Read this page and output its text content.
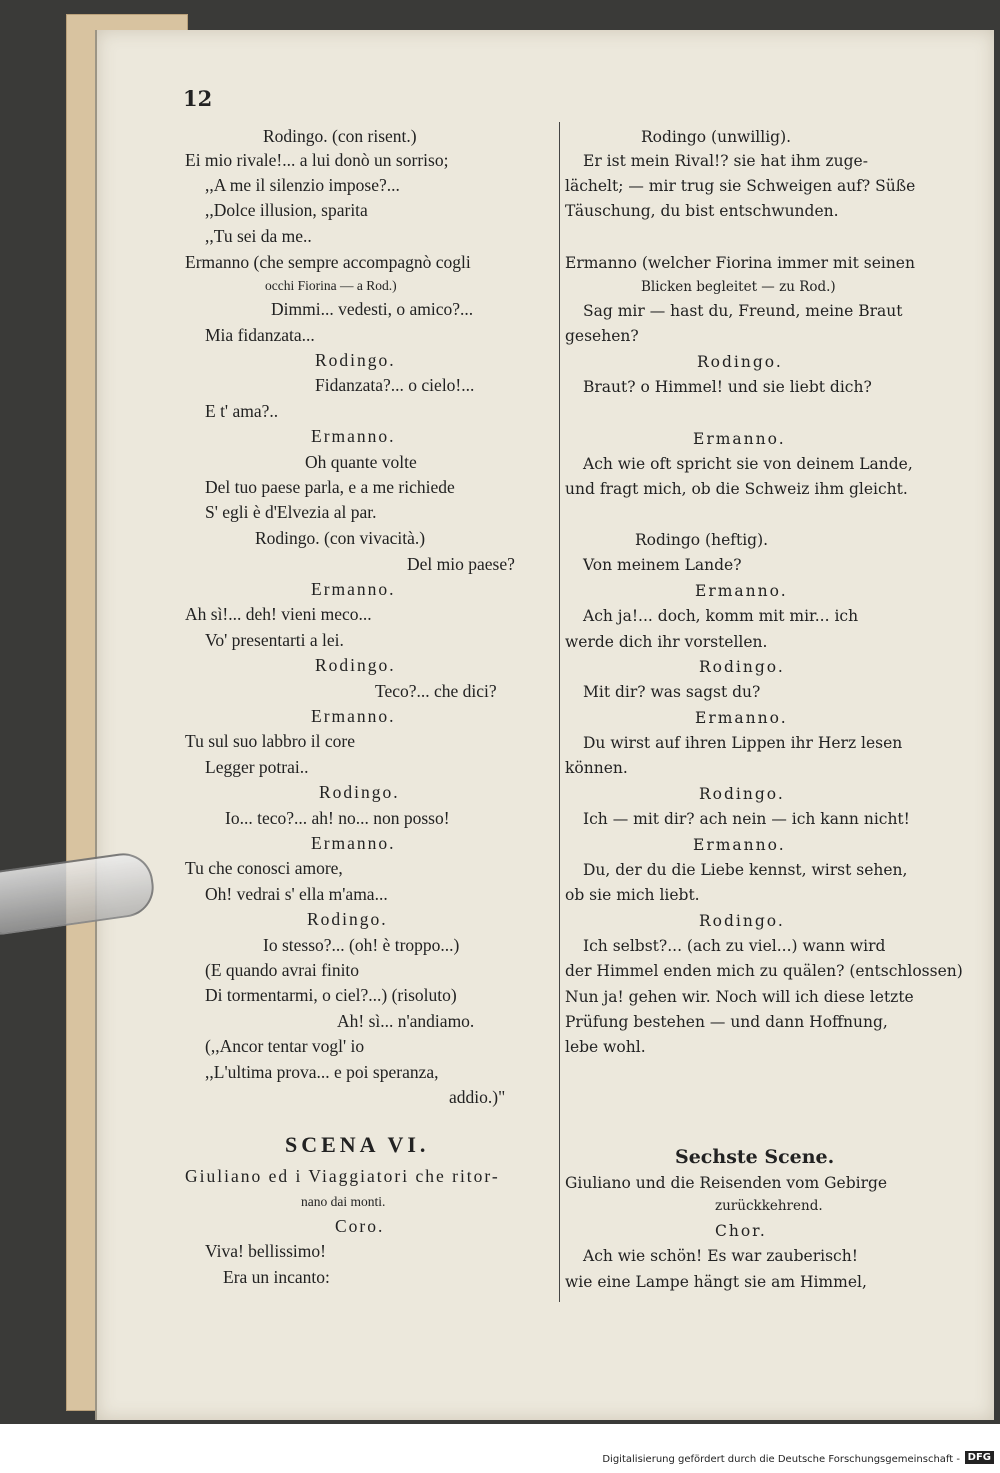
12
Rodingo. (con risent.)
Ei mio rivale!... a lui donò un sorriso;
,,A me il silenzio impose?...
,,Dolce illusion, sparita
,,Tu sei da me..
Ermanno (che sempre accompagnò cogli
occhi Fiorina — a Rod.)
Dimmi... vedesti, o amico?...
Mia fidanzata...
Rodingo.
Fidanzata?... o cielo!...
E t' ama?..
Ermanno.
Oh quante volte
Del tuo paese parla, e a me richiede
S' egli è d'Elvezia al par.
Rodingo. (con vivacità.)
Del mio paese?
Ermanno.
Ah sì!... deh! vieni meco...
Vo' presentarti a lei.
Rodingo.
Teco?... che dici?
Ermanno.
Tu sul suo labbro il core
Legger potrai..
Rodingo.
Io... teco?... ah! no... non posso!
Ermanno.
Tu che conosci amore,
Oh! vedrai s' ella m'ama...
Rodingo.
Io stesso?... (oh! è troppo...)
(E quando avrai finito
Di tormentarmi, o ciel?...) (risoluto)
Ah! sì... n'andiamo.
(,,Ancor tentar vogl' io
,,L'ultima prova... e poi speranza,
addio.)"
SCENA VI.
Giuliano ed i Viaggiatori che ritor-
nano dai monti.
Coro.
Viva! bellissimo!
Era un incanto:
Rodingo (unwillig).
Er ist mein Rival!? sie hat ihm zuge-
lächelt; — mir trug sie Schweigen auf? Süße
Täuschung, du bist entschwunden.
Ermanno (welcher Fiorina immer mit seinen
Blicken begleitet — zu Rod.)
Sag mir — hast du, Freund, meine Braut
gesehen?
Rodingo.
Braut? o Himmel! und sie liebt dich?
Ermanno.
Ach wie oft spricht sie von deinem Lande,
und fragt mich, ob die Schweiz ihm gleicht.
Rodingo (heftig).
Von meinem Lande?
Ermanno.
Ach ja!... doch, komm mit mir... ich
werde dich ihr vorstellen.
Rodingo.
Mit dir? was sagst du?
Ermanno.
Du wirst auf ihren Lippen ihr Herz lesen
können.
Rodingo.
Ich — mit dir? ach nein — ich kann nicht!
Ermanno.
Du, der du die Liebe kennst, wirst sehen,
ob sie mich liebt.
Rodingo.
Ich selbst?... (ach zu viel...) wann wird
der Himmel enden mich zu quälen? (entschlossen)
Nun ja! gehen wir. Noch will ich diese letzte
Prüfung bestehen — und dann Hoffnung,
lebe wohl.
Sechste Scene.
Giuliano und die Reisenden vom Gebirge
zurückkehrend.
Chor.
Ach wie schön! Es war zauberisch!
wie eine Lampe hängt sie am Himmel,
Digitalisierung gefördert durch die Deutsche Forschungsgemeinschaft - DFG
